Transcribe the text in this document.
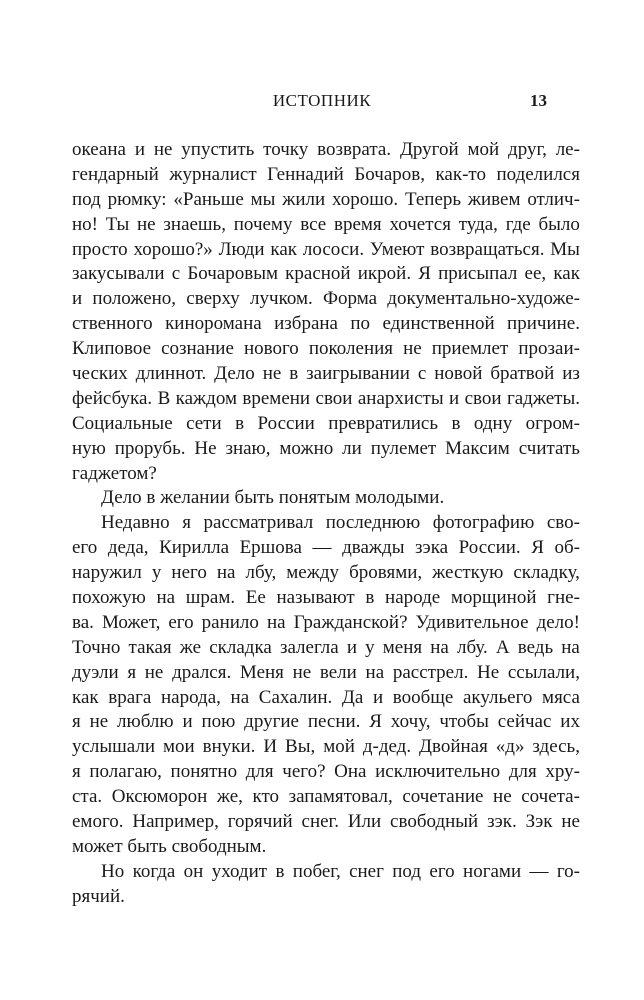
ИСТОПНИК	13
океана и не упустить точку возврата. Другой мой друг, ле-
гендарный журналист Геннадий Бочаров, как-то поделился
под рюмку: «Раньше мы жили хорошо. Теперь живем отлич-
но! Ты не знаешь, почему все время хочется туда, где было
просто хорошо?» Люди как лососи. Умеют возвращаться. Мы
закусывали с Бочаровым красной икрой. Я присыпал ее, как
и положено, сверху лучком. Форма документально-художе-
ственного кинороманa избрана по единственной причине.
Клиповое сознание нового поколения не приемлет прозаи-
ческих длиннот. Дело не в заигрывании с новой братвой из
фейсбука. В каждом времени свои анархисты и свои гаджеты.
Социальные сети в России превратились в одну огром-
ную прорубь. Не знаю, можно ли пулемет Максим считать
гаджетом?
Дело в желании быть понятым молодыми.
Недавно я рассматривал последнюю фотографию сво-
его деда, Кирилла Ершова — дважды зэка России. Я об-
наружил у него на лбу, между бровями, жесткую складку,
похожую на шрам. Ее называют в народе морщиной гне-
ва. Может, его ранило на Гражданской? Удивительное дело!
Точно такая же складка залегла и у меня на лбу. А ведь на
дуэли я не дрался. Меня не вели на расстрел. Не ссылали,
как врага народа, на Сахалин. Да и вообще акульего мяса
я не люблю и пою другие песни. Я хочу, чтобы сейчас их
услышали мои внуки. И Вы, мой д-дед. Двойная «д» здесь,
я полагаю, понятно для чего? Она исключительно для хру-
ста. Оксюморон же, кто запамятовал, сочетание не сочета-
емого. Например, горячий снег. Или свободный зэк. Зэк не
может быть свободным.
Но когда он уходит в побег, снег под его ногами — го-
рячий.
